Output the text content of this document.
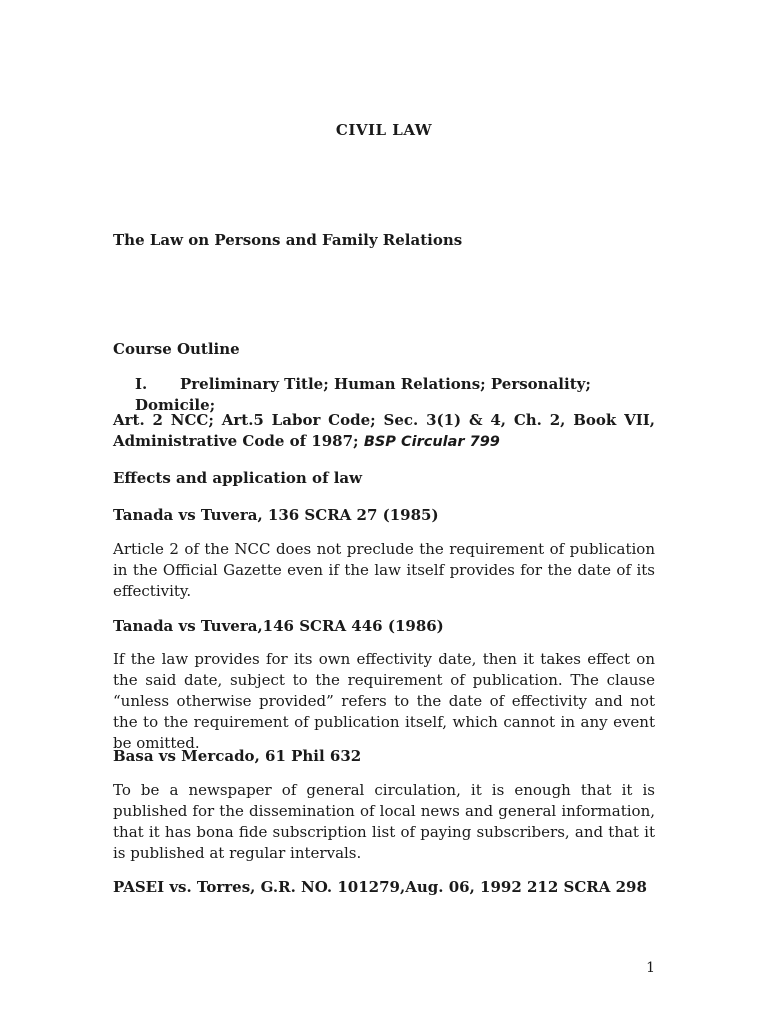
CIVIL LAW
The Law on Persons and Family Relations
Course Outline
I. Preliminary Title; Human Relations; Personality; Domicile;
Art. 2 NCC; Art.5 Labor Code; Sec. 3(1) & 4, Ch. 2, Book VII, Administrative Code of 1987; BSP Circular 799
Effects and application of law
Tanada vs Tuvera, 136 SCRA 27 (1985)
Article 2 of the NCC does not preclude the requirement of publication in the Official Gazette even if the law itself provides for the date of its effectivity.
Tanada vs Tuvera,146 SCRA 446 (1986)
If the law provides for its own effectivity date, then it takes effect on the said date, subject to the requirement of publication. The clause “unless otherwise provided” refers to the date of effectivity and not the to the requirement of publication itself, which cannot in any event be omitted.
Basa vs Mercado, 61 Phil 632
To be a newspaper of general circulation, it is enough that it is published for the dissemination of local news and general information, that it has bona fide subscription list of paying subscribers, and that it is published at regular intervals.
PASEI vs. Torres, G.R. NO. 101279,Aug. 06, 1992 212 SCRA 298
1
